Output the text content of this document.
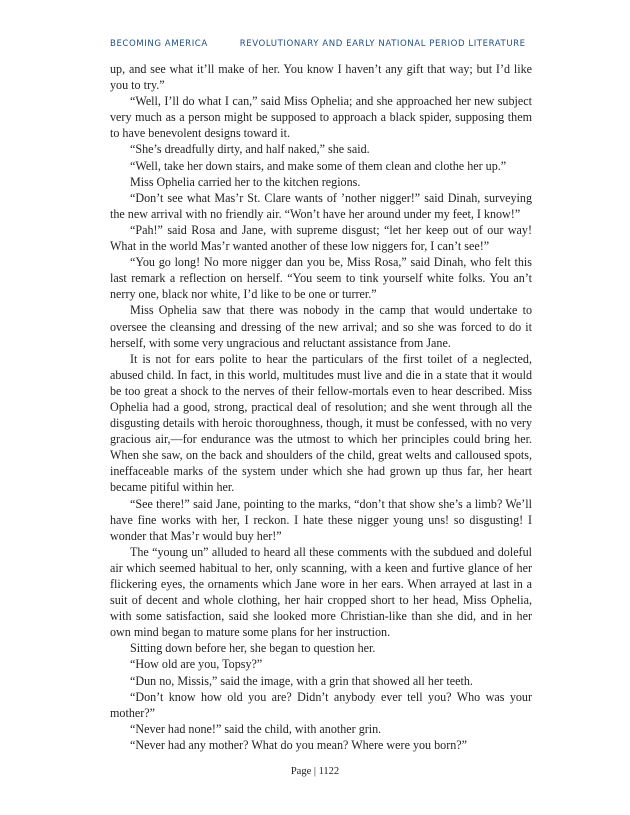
BECOMING AMERICA	REVOLUTIONARY AND EARLY NATIONAL PERIOD LITERATURE

up, and see what it’ll make of her. You know I haven’t any gift that way; but I’d like you to try.”

“Well, I’ll do what I can,” said Miss Ophelia; and she approached her new subject very much as a person might be supposed to approach a black spider, supposing them to have benevolent designs toward it.

“She’s dreadfully dirty, and half naked,” she said.

“Well, take her down stairs, and make some of them clean and clothe her up.”

Miss Ophelia carried her to the kitchen regions.

“Don’t see what Mas’r St. Clare wants of ’nother nigger!” said Dinah, surveying the new arrival with no friendly air. “Won’t have her around under my feet, I know!”

“Pah!” said Rosa and Jane, with supreme disgust; “let her keep out of our way! What in the world Mas’r wanted another of these low niggers for, I can’t see!”

“You go long! No more nigger dan you be, Miss Rosa,” said Dinah, who felt this last remark a reflection on herself. “You seem to tink yourself white folks. You an’t nerry one, black nor white, I’d like to be one or turrer.”

Miss Ophelia saw that there was nobody in the camp that would undertake to oversee the cleansing and dressing of the new arrival; and so she was forced to do it herself, with some very ungracious and reluctant assistance from Jane.

It is not for ears polite to hear the particulars of the first toilet of a neglected, abused child. In fact, in this world, multitudes must live and die in a state that it would be too great a shock to the nerves of their fellow-mortals even to hear described. Miss Ophelia had a good, strong, practical deal of resolution; and she went through all the disgusting details with heroic thoroughness, though, it must be confessed, with no very gracious air,—for endurance was the utmost to which her principles could bring her. When she saw, on the back and shoulders of the child, great welts and calloused spots, ineffaceable marks of the system under which she had grown up thus far, her heart became pitiful within her.

“See there!” said Jane, pointing to the marks, “don’t that show she’s a limb? We’ll have fine works with her, I reckon. I hate these nigger young uns! so disgusting! I wonder that Mas’r would buy her!”

The “young un” alluded to heard all these comments with the subdued and doleful air which seemed habitual to her, only scanning, with a keen and furtive glance of her flickering eyes, the ornaments which Jane wore in her ears. When arrayed at last in a suit of decent and whole clothing, her hair cropped short to her head, Miss Ophelia, with some satisfaction, said she looked more Christian-like than she did, and in her own mind began to mature some plans for her instruction.

Sitting down before her, she began to question her.

“How old are you, Topsy?”

“Dun no, Missis,” said the image, with a grin that showed all her teeth.

“Don’t know how old you are? Didn’t anybody ever tell you? Who was your mother?”

“Never had none!” said the child, with another grin.

“Never had any mother? What do you mean? Where were you born?”

Page | 1122
